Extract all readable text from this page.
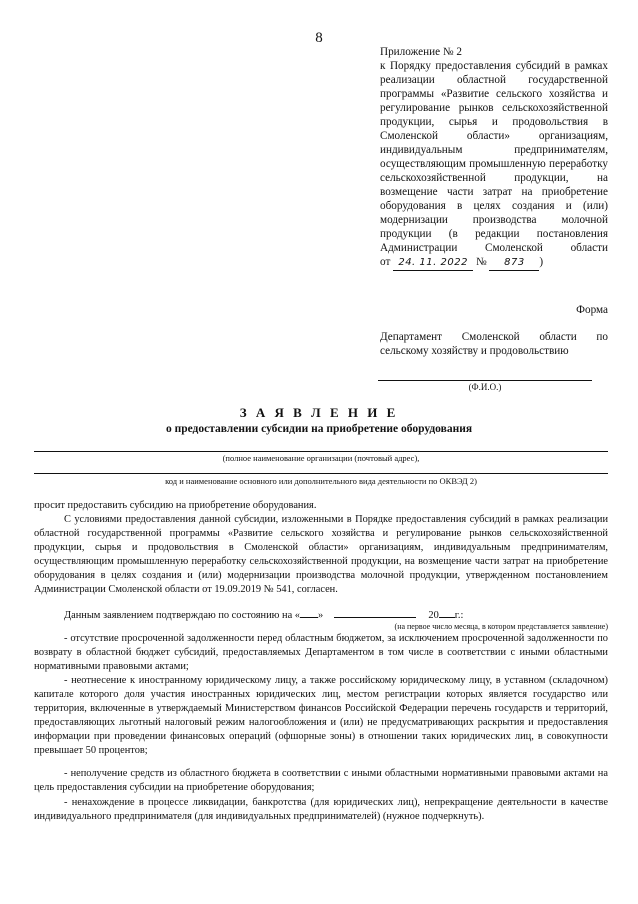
8
Приложение № 2
к Порядку предоставления субсидий в рамках реализации областной государственной программы «Развитие сельского хозяйства и регулирование рынков сельскохозяйственной продукции, сырья и продовольствия в Смоленской области» организациям, индивидуальным предпринимателям, осуществляющим промышленную переработку сельскохозяйственной продукции, на возмещение части затрат на приобретение оборудования в целях создания и (или) модернизации производства молочной продукции (в редакции постановления Администрации Смоленской области
от 24. 11. 2022 № 873 )
Форма
Департамент Смоленской области по
сельскому хозяйству и продовольствию
(Ф.И.О.)
З А Я В Л Е Н И Е
о предоставлении субсидии на приобретение оборудования
(полное наименование организации (почтовый адрес),
код и наименование основного или дополнительного вида деятельности по ОКВЭД 2)

просит предоставить субсидию на приобретение оборудования.

С условиями предоставления данной субсидии, изложенными в Порядке предоставления субсидий в рамках реализации областной государственной программы «Развитие сельского хозяйства и регулирование рынков сельскохозяйственной продукции, сырья и продовольствия в Смоленской области» организациям, индивидуальным предпринимателям, осуществляющим промышленную переработку сельскохозяйственной продукции, на возмещение части затрат на приобретение оборудования в целях создания и (или) модернизации производства молочной продукции, утвержденном постановлением Администрации Смоленской области от 19.09.2019 № 541, согласен.

Данным заявлением подтверждаю по состоянию на « »	20 г.:
(на первое число месяца, в котором представляется заявление)

- отсутствие просроченной задолженности перед областным бюджетом, за исключением просроченной задолженности по возврату в областной бюджет субсидий, предоставляемых Департаментом в том числе в соответствии с иными областными нормативными правовыми актами;

- неотнесение к иностранному юридическому лицу, а также российскому юридическому лицу, в уставном (складочном) капитале которого доля участия иностранных юридических лиц, местом регистрации которых является государство или территория, включенные в утверждаемый Министерством финансов Российской Федерации перечень государств и территорий, предоставляющих льготный налоговый режим налогообложения и (или) не предусматривающих раскрытия и предоставления информации при проведении финансовых операций (офшорные зоны) в отношении таких юридических лиц, в совокупности превышает 50 процентов;

- неполучение средств из областного бюджета в соответствии с иными областными нормативными правовыми актами на цель предоставления субсидии на приобретение оборудования;

- ненахождение в процессе ликвидации, банкротства (для юридических лиц), непрекращение деятельности в качестве индивидуального предпринимателя (для индивидуальных предпринимателей) (нужное подчеркнуть).
